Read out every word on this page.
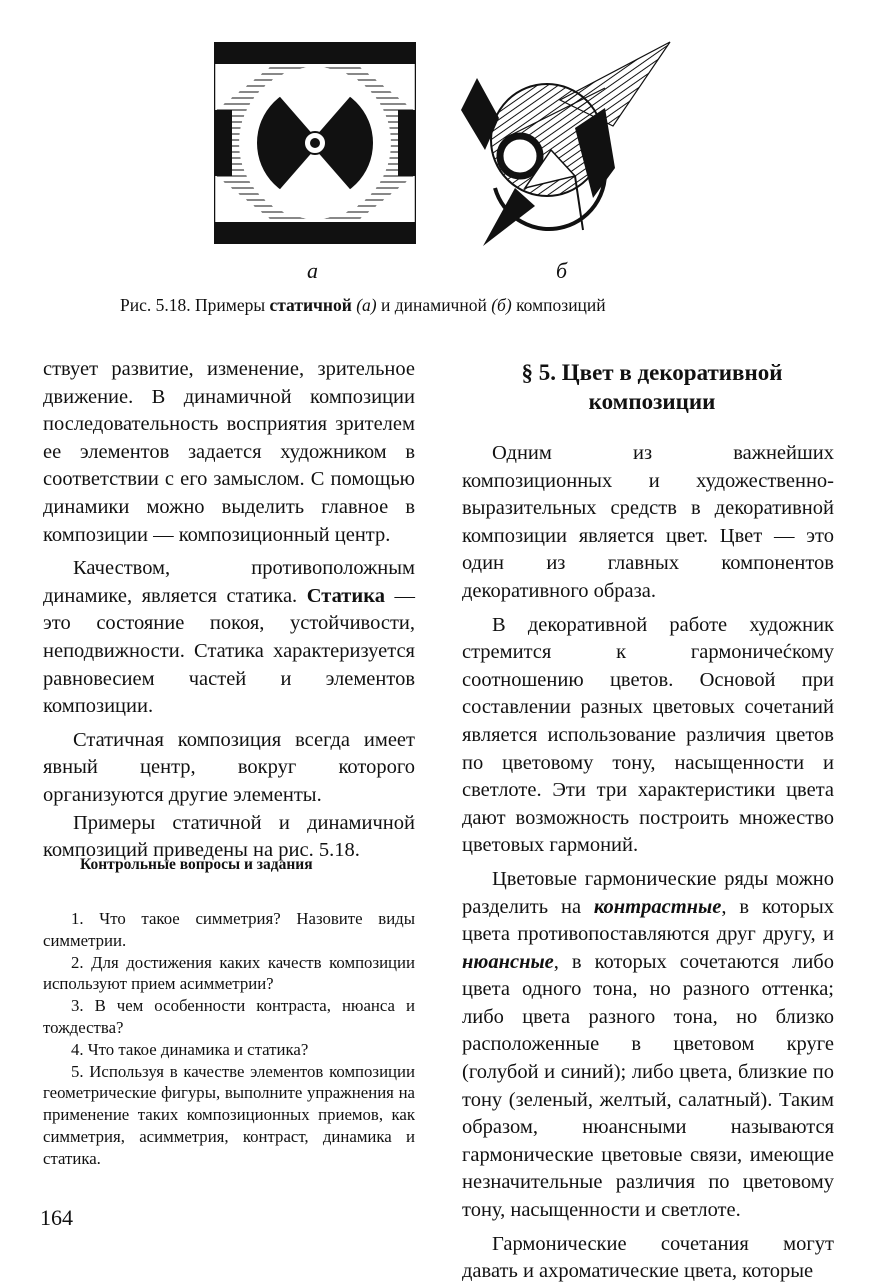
а	б
Рис. 5.18. Примеры статичной (а) и динамичной (б) композиций

ствует развитие, изменение, зрительное движение. В динамичной композиции последовательность восприятия зрителем ее элементов задается художником в соответствии с его замыслом. С помощью динамики можно выделить главное в композиции — композиционный центр.

Качеством, противоположным динамике, является статика. Статика — это состояние покоя, устойчивости, неподвижности. Статика характеризуется равновесием частей и элементов композиции.

Статичная композиция всегда имеет явный центр, вокруг которого организуются другие элементы.

Примеры статичной и динамичной композиций приведены на рис. 5.18.

Контрольные вопросы и задания

1. Что такое симметрия? Назовите виды симметрии.

2. Для достижения каких качеств композиции используют прием асимметрии?

3. В чем особенности контраста, нюанса и тождества?

4. Что такое динамика и статика?

5. Используя в качестве элементов композиции геометрические фигуры, выполните упражнения на применение таких композиционных приемов, как симметрия, асимметрия, контраст, динамика и статика.

§ 5. Цвет в декоративной композиции

Одним из важнейших композиционных и художественно-выразительных средств в декоративной композиции является цвет. Цвет — это один из главных компонентов декоративного образа.

В декоративной работе художник стремится к гармоничеćкому соотношению цветов. Основой при составлении разных цветовых сочетаний является использование различия цветов по цветовому тону, насыщенности и светлоте. Эти три характеристики цвета дают возможность построить множество цветовых гармоний.

Цветовые гармонические ряды можно разделить на контрастные, в которых цвета противопоставляются друг другу, и нюансные, в которых сочетаются либо цвета одного тона, но разного оттенка; либо цвета разного тона, но близко расположенные в цветовом круге (голубой и синий); либо цвета, близкие по тону (зеленый, желтый, салатный). Таким образом, нюансными называются гармонические цветовые связи, имеющие незначительные различия по цветовому тону, насыщенности и светлоте.

Гармонические сочетания могут давать и ахроматические цвета, которые

164
